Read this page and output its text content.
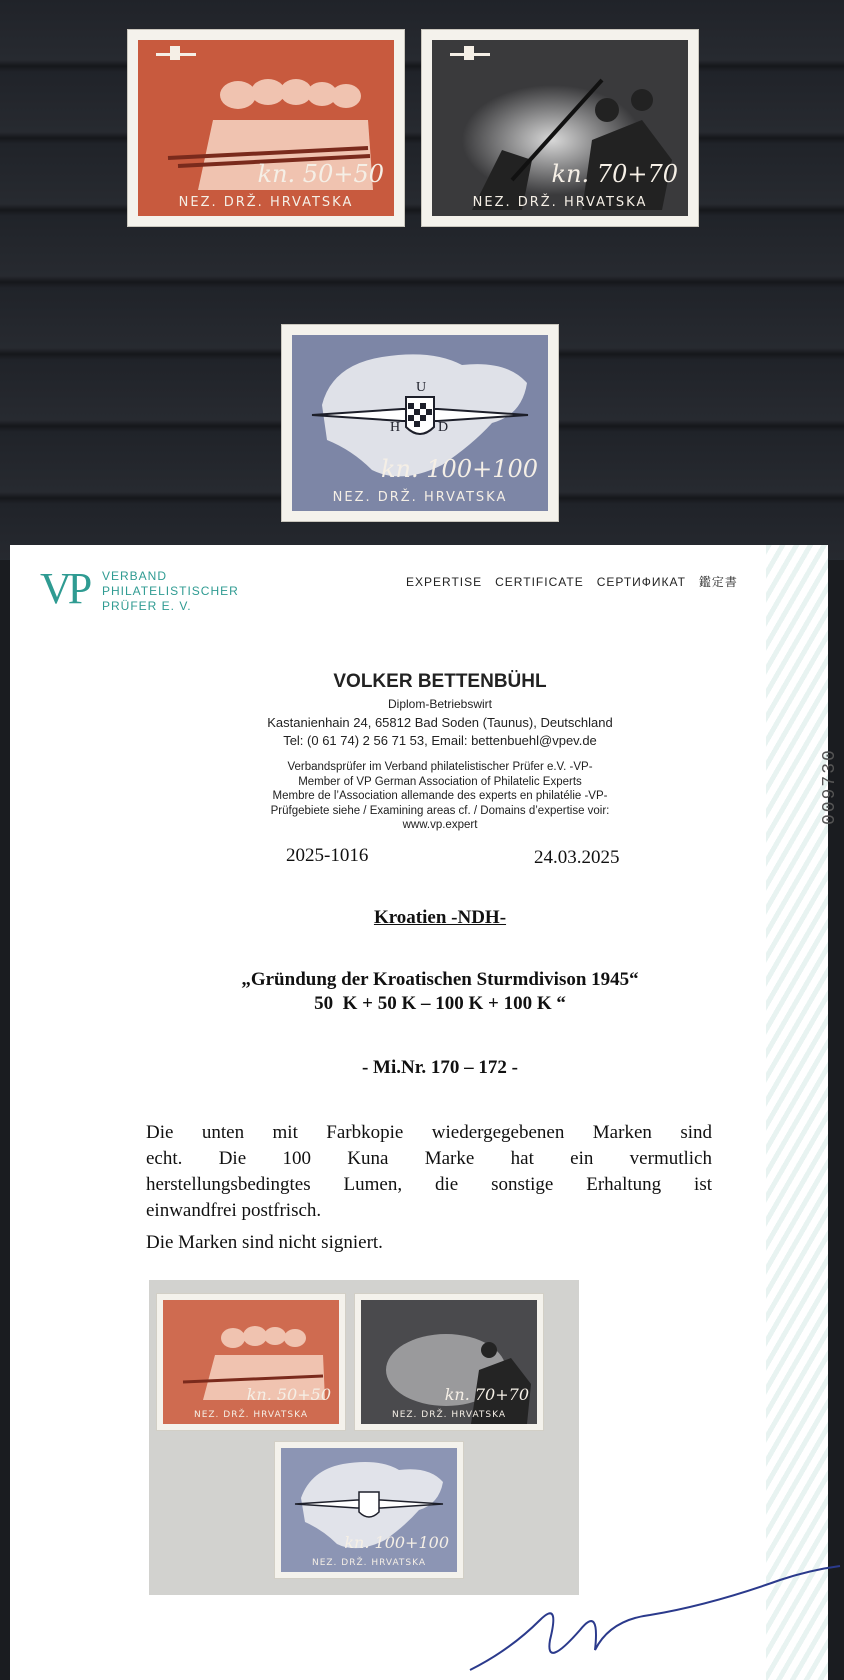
kn. 50+50
NEZ. DRŽ. HRVATSKA
kn. 70+70
NEZ. DRŽ. HRVATSKA
U
H	D
kn. 100+100
NEZ. DRŽ. HRVATSKA
009730
VP VERBAND
PHILATELISTISCHER
PRÜFER E. V.
EXPERTISE   CERTIFICATE   СЕРТИФИКАТ   鑑定書
VOLKER BETTENBÜHL
Diplom-Betriebswirt
Kastanienhain 24, 65812 Bad Soden (Taunus), Deutschland
Tel: (0 61 74) 2 56 71 53, Email: bettenbuehl@vpev.de
Verbandsprüfer im Verband philatelistischer Prüfer e.V. -VP-
Member of VP German Association of Philatelic Experts
Membre de l’Association allemande des experts en philatélie -VP-
Prüfgebiete siehe / Examining areas cf. / Domains d’expertise voir:
www.vp.expert
2025-1016	24.03.2025
Kroatien -NDH-
„Gründung der Kroatischen Sturmdivison 1945“
50  K + 50 K – 100 K + 100 K “
- Mi.Nr. 170 – 172 -
Die unten mit Farbkopie wiedergegebenen Marken sind
echt. Die 100 Kuna Marke hat ein vermutlich
herstellungsbedingtes Lumen, die sonstige Erhaltung ist
einwandfrei postfrisch.
Die Marken sind nicht signiert.
kn. 50+50
NEZ. DRŽ. HRVATSKA
kn. 70+70
NEZ. DRŽ. HRVATSKA
kn. 100+100
NEZ. DRŽ. HRVATSKA
